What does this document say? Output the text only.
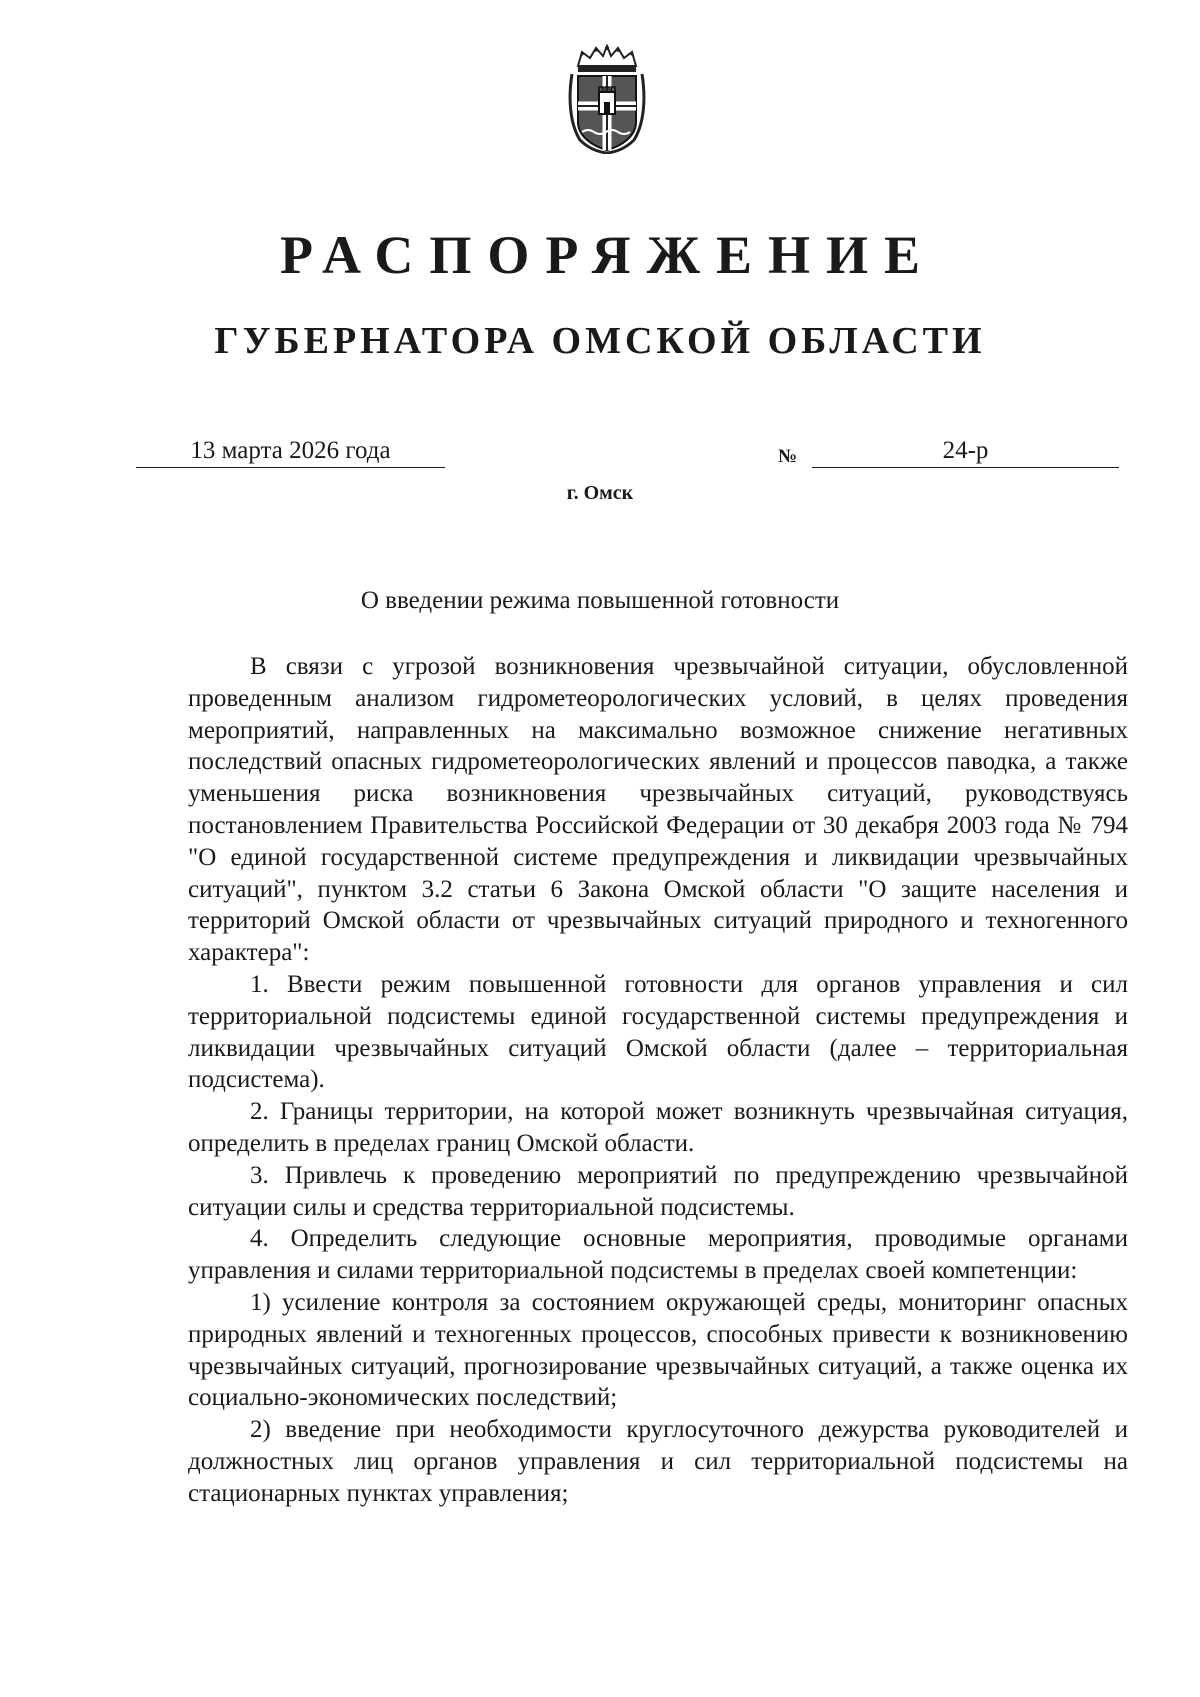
РАСПОРЯЖЕНИЕ
ГУБЕРНАТОРА ОМСКОЙ ОБЛАСТИ
13 марта 2026 года	№	24-р
г. Омск
О введении режима повышенной готовности

В связи с угрозой возникновения чрезвычайной ситуации, обусловленной проведенным анализом гидрометеорологических условий, в целях проведения мероприятий, направленных на максимально возможное снижение негативных последствий опасных гидрометеорологических явлений и процессов паводка, а также уменьшения риска возникновения чрезвычайных ситуаций, руководствуясь постановлением Правительства Российской Федерации от 30 декабря 2003 года № 794 "О единой государственной системе предупреждения и ликвидации чрезвычайных ситуаций", пунктом 3.2 статьи 6 Закона Омской области "О защите населения и территорий Омской области от чрезвычайных ситуаций природного и техногенного характера":

1. Ввести режим повышенной готовности для органов управления и сил территориальной подсистемы единой государственной системы предупреждения и ликвидации чрезвычайных ситуаций Омской области (далее – территориальная подсистема).

2. Границы территории, на которой может возникнуть чрезвычайная ситуация, определить в пределах границ Омской области.

3. Привлечь к проведению мероприятий по предупреждению чрезвычайной ситуации силы и средства территориальной подсистемы.

4. Определить следующие основные мероприятия, проводимые органами управления и силами территориальной подсистемы в пределах своей компетенции:

1) усиление контроля за состоянием окружающей среды, мониторинг опасных природных явлений и техногенных процессов, способных привести к возникновению чрезвычайных ситуаций, прогнозирование чрезвычайных ситуаций, а также оценка их социально-экономических последствий;

2) введение при необходимости круглосуточного дежурства руководителей и должностных лиц органов управления и сил территориальной подсистемы на стационарных пунктах управления;
